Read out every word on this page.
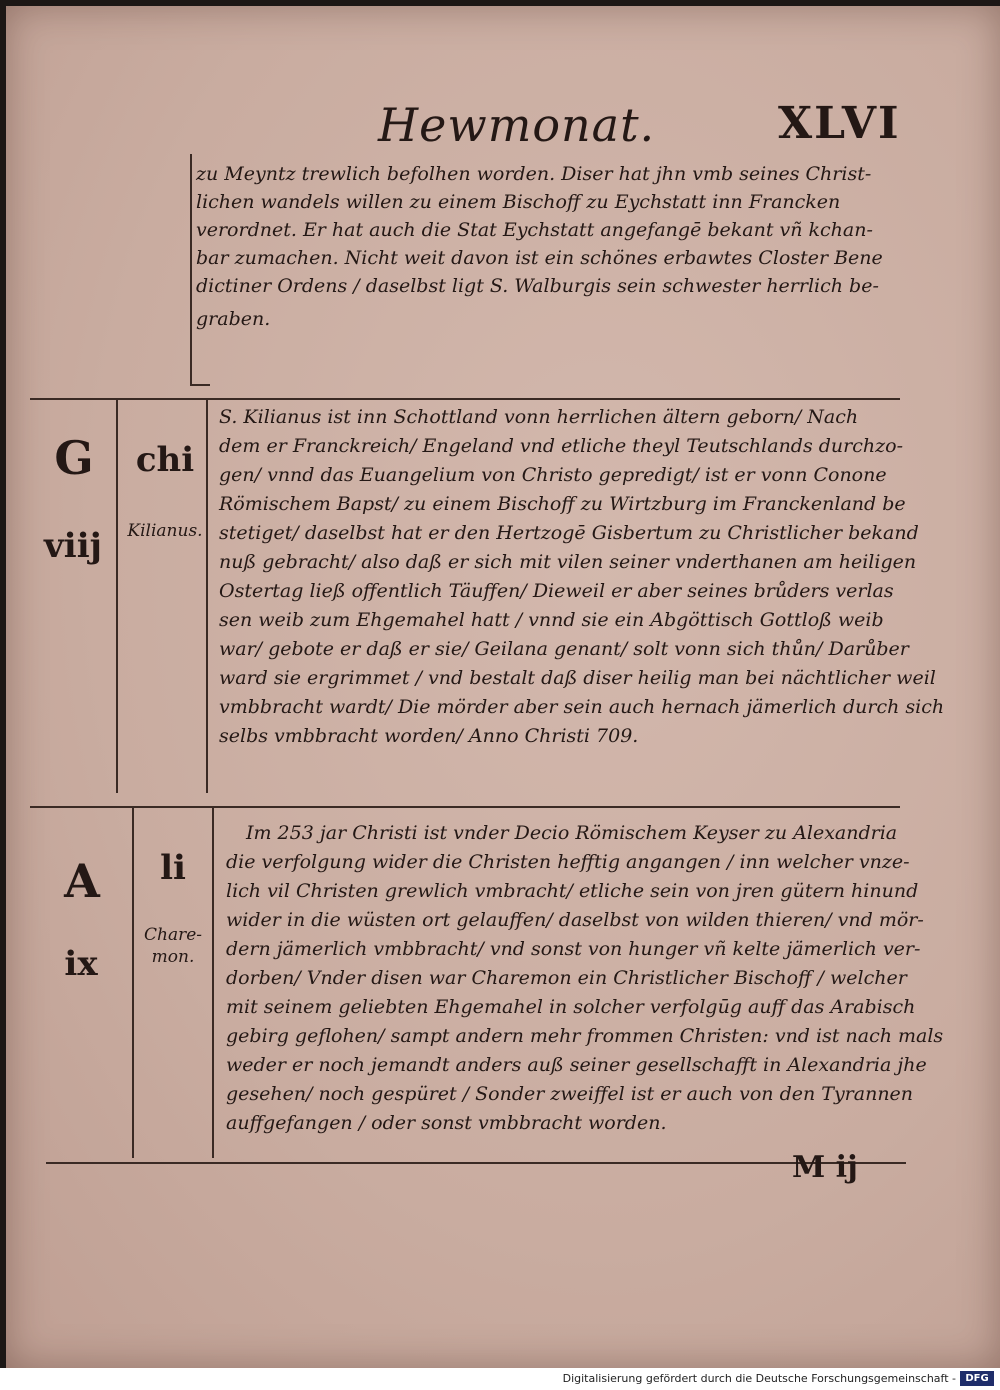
Hewmonat.	XLVI
zu Meyntz trewlich befolhen worden. Diser hat jhn vmb seines Christ-
lichen wandels willen zu einem Bischoff zu Eychstatt inn Francken
verordnet. Er hat auch die Stat Eychstatt angefangē bekant vñ kchan-
bar zumachen. Nicht weit davon ist ein schönes erbawtes Closter Bene
dictiner Ordens / daselbst ligt S. Walburgis sein schwester herrlich be-
graben.
G
viij
chi
Kilianus.
S. Kilianus ist inn Schottland vonn herrlichen ältern geborn/ Nach
dem er Franckreich/ Engeland vnd etliche theyl Teutschlands durchzo-
gen/ vnnd das Euangelium von Christo gepredigt/ ist er vonn Conone
Römischem Bapst/ zu einem Bischoff zu Wirtzburg im Franckenland be
stetiget/ daselbst hat er den Hertzogē Gisbertum zu Christlicher bekand
nuß gebracht/ also daß er sich mit vilen seiner vnderthanen am heiligen
Ostertag ließ offentlich Täuffen/ Dieweil er aber seines brůders verlas
sen weib zum Ehgemahel hatt / vnnd sie ein Abgöttisch Gottloß weib
war/ gebote er daß er sie/ Geilana genant/ solt vonn sich thůn/ Darůber
ward sie ergrimmet / vnd bestalt daß diser heilig man bei nächtlicher weil
vmbbracht wardt/ Die mörder aber sein auch hernach jämerlich durch sich
selbs vmbbracht worden/ Anno Christi 709.
A
ix
li
Chare-
mon.
Im 253 jar Christi ist vnder Decio Römischem Keyser zu Alexandria
die verfolgung wider die Christen hefftig angangen / inn welcher vnze-
lich vil Christen grewlich vmbracht/ etliche sein von jren gütern hinund
wider in die wüsten ort gelauffen/ daselbst von wilden thieren/ vnd mör-
dern jämerlich vmbbracht/ vnd sonst von hunger vñ kelte jämerlich ver-
dorben/ Vnder disen war Charemon ein Christlicher Bischoff / welcher
mit seinem geliebten Ehgemahel in solcher verfolgūg auff das Arabisch
gebirg geflohen/ sampt andern mehr frommen Christen: vnd ist nach mals
weder er noch jemandt anders auß seiner gesellschafft in Alexandria jhe
gesehen/ noch gespüret / Sonder zweiffel ist er auch von den Tyrannen
auffgefangen / oder sonst vmbbracht worden.
M ij
Digitalisierung gefördert durch die Deutsche Forschungsgemeinschaft - DFG
